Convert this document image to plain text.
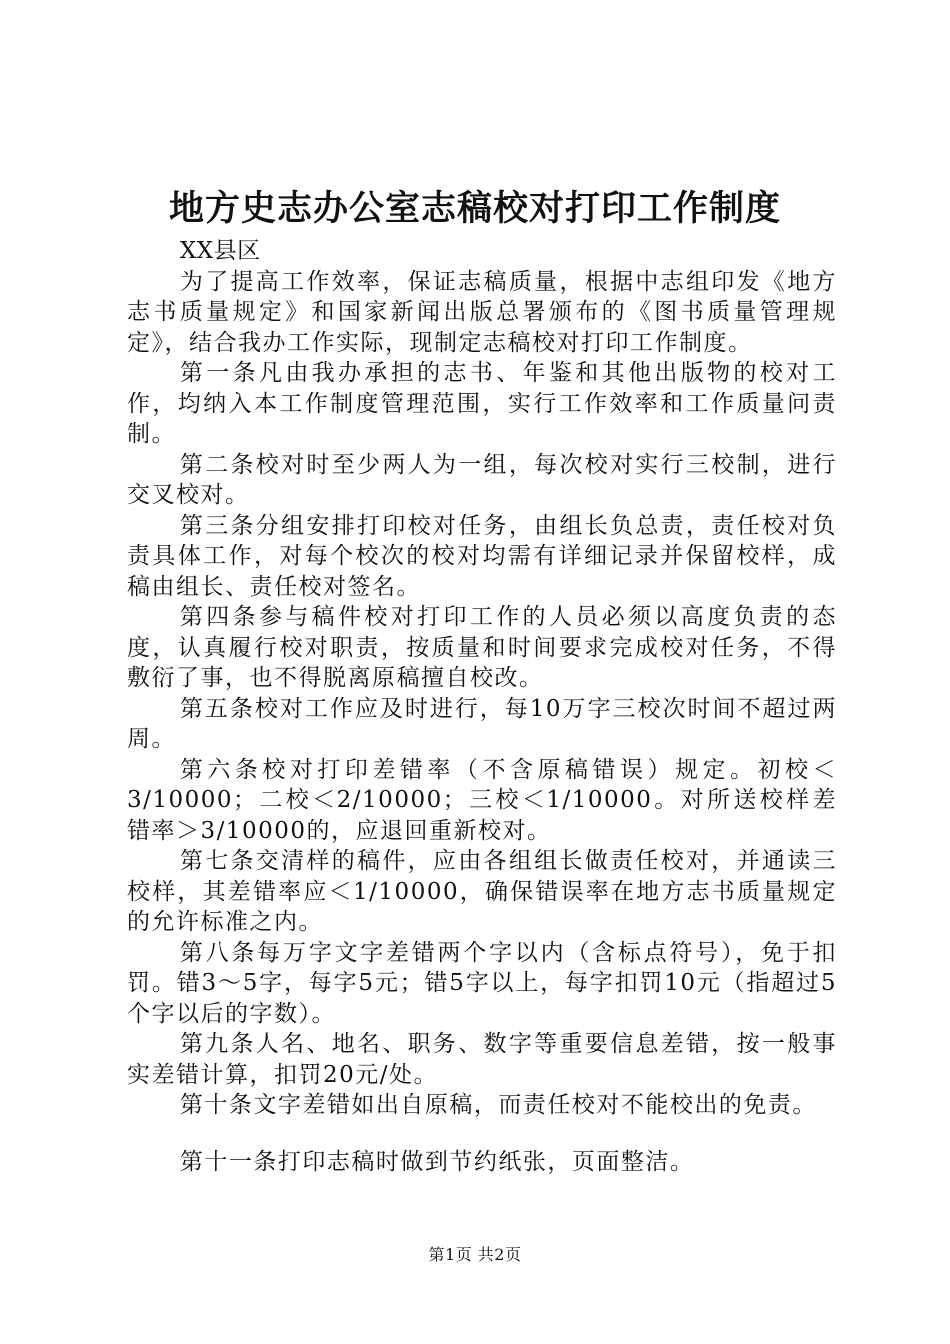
地方史志办公室志稿校对打印工作制度

XX县区

为了提高工作效率，保证志稿质量，根据中志组印发《地方志书质量规定》和国家新闻出版总署颁布的《图书质量管理规定》，结合我办工作实际，现制定志稿校对打印工作制度。

第一条凡由我办承担的志书、年鉴和其他出版物的校对工作，均纳入本工作制度管理范围，实行工作效率和工作质量问责制。

第二条校对时至少两人为一组，每次校对实行三校制，进行交叉校对。

第三条分组安排打印校对任务，由组长负总责，责任校对负责具体工作，对每个校次的校对均需有详细记录并保留校样，成稿由组长、责任校对签名。

第四条参与稿件校对打印工作的人员必须以高度负责的态度，认真履行校对职责，按质量和时间要求完成校对任务，不得敷衍了事，也不得脱离原稿擅自校改。

第五条校对工作应及时进行，每10万字三校次时间不超过两周。

第六条校对打印差错率（不含原稿错误）规定。初校＜3/10000；二校＜2/10000；三校＜1/10000。对所送校样差错率＞3/10000的，应退回重新校对。

第七条交清样的稿件，应由各组组长做责任校对，并通读三校样，其差错率应＜1/10000，确保错误率在地方志书质量规定的允许标准之内。

第八条每万字文字差错两个字以内（含标点符号），免于扣罚。错3～5字，每字5元；错5字以上，每字扣罚10元（指超过5个字以后的字数）。

第九条人名、地名、职务、数字等重要信息差错，按一般事实差错计算，扣罚20元/处。

第十条文字差错如出自原稿，而责任校对不能校出的免责。

第十一条打印志稿时做到节约纸张，页面整洁。

第1页 共2页
